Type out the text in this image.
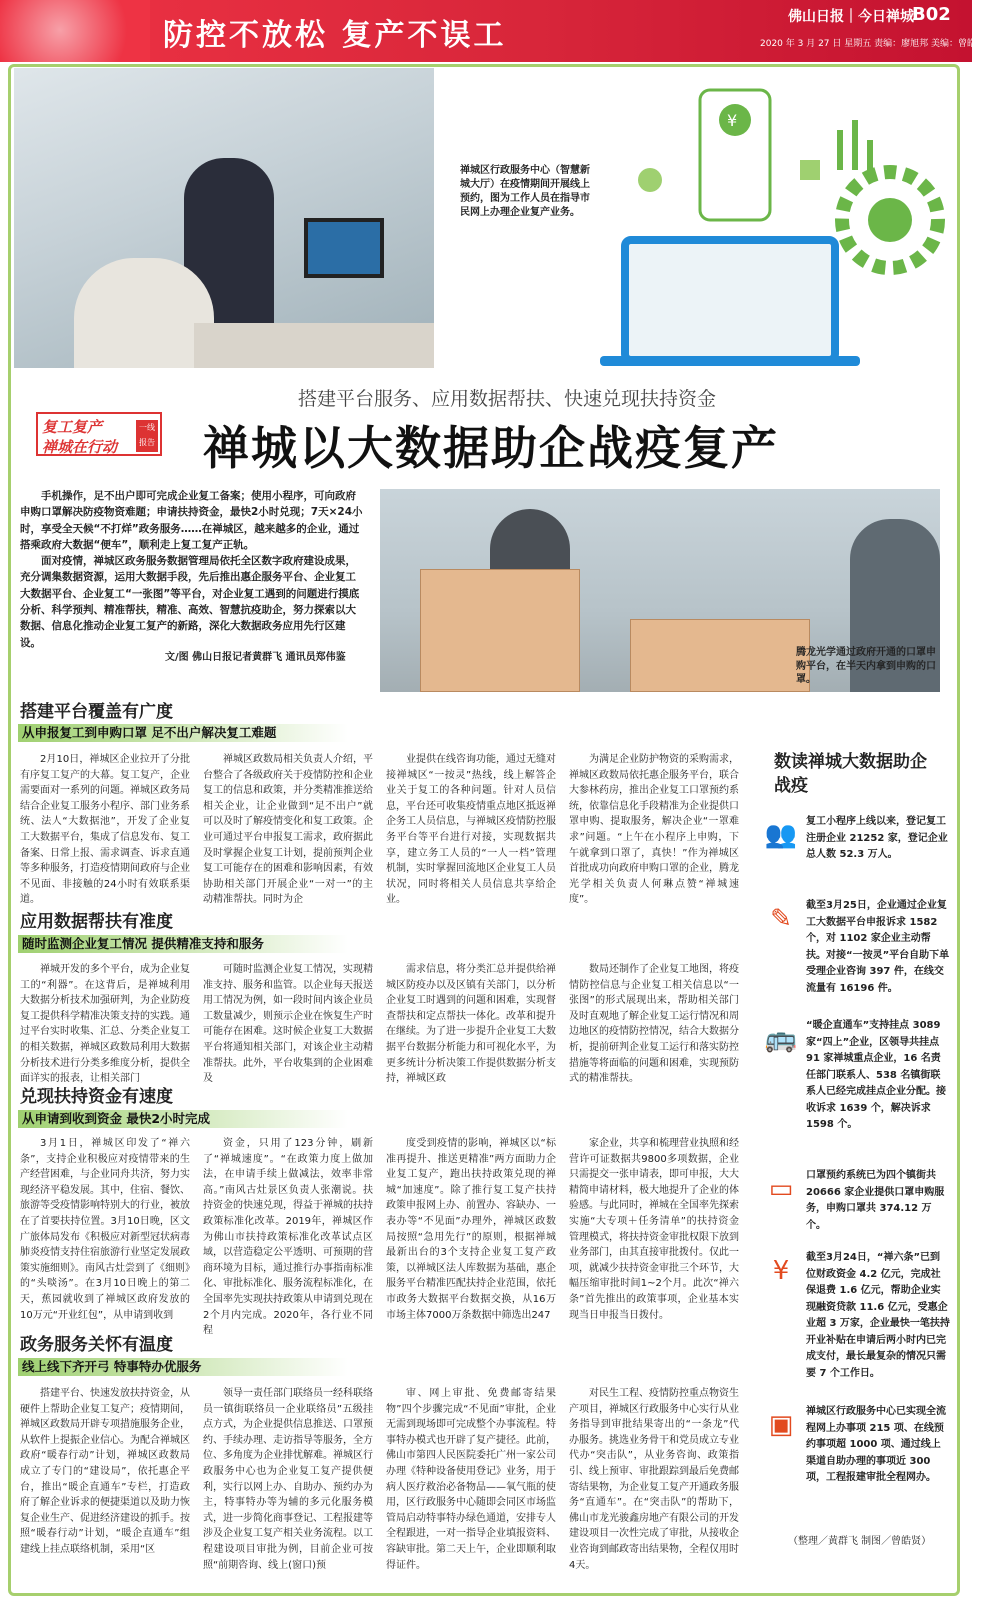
防控不放松 复产不误工
佛山日报｜今日禅城
B02
2020 年 3 月 27 日 星期五 责编：廖旭邦 美编：曾皓贤
禅城区行政服务中心（智慧新城大厅）在疫情期间开展线上预约，图为工作人员在指导市民网上办理企业复产业务。
¥
搭建平台服务、应用数据帮扶、快速兑现扶持资金
复工复产
禅城在行动
一线报告 禅城以大数据助企战疫复产

手机操作，足不出户即可完成企业复工备案；使用小程序，可向政府申购口罩解决防疫物资难题；申请扶持资金，最快2小时兑现；7天×24小时，享受全天候“不打烊”政务服务……在禅城区，越来越多的企业，通过搭乘政府大数据“便车”，顺利走上复工复产正轨。

面对疫情，禅城区政务服务数据管理局依托全区数字政府建设成果，充分调集数据资源，运用大数据手段，先后推出惠企服务平台、企业复工大数据平台、企业复工“一张图”等平台，对企业复工遇到的问题进行摸底分析、科学预判、精准帮扶，精准、高效、智慧抗疫助企，努力探索以大数据、信息化推动企业复工复产的新路，深化大数据政务应用先行区建设。

文/图 佛山日报记者黄群飞 通讯员郑伟鉴	腾龙光学通过政府开通的口罩申购平台，在半天内拿到申购的口罩。
搭建平台覆盖有广度
从申报复工到申购口罩 足不出户解决复工难题

2月10日，禅城区企业拉开了分批有序复工复产的大幕。复工复产，企业需要面对一系列的问题。禅城区政务局结合企业复工服务小程序、部门业务系统、法人“大数据池”，开发了企业复工大数据平台，集成了信息发布、复工备案、日常上报、需求调查、诉求直通等多种服务，打造疫情期间政府与企业不见面、非接触的24小时有效联系渠道。

禅城区政数局相关负责人介绍，平台整合了各级政府关于疫情防控和企业复工的信息和政策，并分类精准推送给相关企业，让企业做到“足不出户”就可以及时了解疫情变化和复工政策。企业可通过平台申报复工需求，政府据此及时掌握企业复工计划，提前预判企业复工可能存在的困难和影响因素，有效协助相关部门开展企业“一对一”的主动精准帮扶。同时为企

业提供在线咨询功能，通过无缝对接禅城区“一按灵”热线，线上解答企业关于复工的各种问题。针对人员信息，平台还可收集疫情重点地区抵返禅企务工人员信息，与禅城区疫情防控服务平台等平台进行对接，实现数据共享，建立务工人员的“一人一档”管理机制，实时掌握回流地区企业复工人员状况，同时将相关人员信息共享给企业。

为满足企业防护物资的采购需求，禅城区政数局依托惠企服务平台，联合大参林药房，推出企业复工口罩预约系统，依靠信息化手段精准为企业提供口罩申购、提取服务，解决企业“一罩难求”问题。“上午在小程序上申购，下午就拿到口罩了，真快！”作为禅城区首批成功向政府申购口罩的企业，腾龙光学相关负责人何琳点赞“禅城速度”。

应用数据帮扶有准度
随时监测企业复工情况 提供精准支持和服务

禅城开发的多个平台，成为企业复工的“利器”。在这背后，是禅城利用大数据分析技术加强研判，为企业防疫复工提供科学精准决策支持的实践。通过平台实时收集、汇总、分类企业复工的相关数据，禅城区政数局利用大数据分析技术进行分类多维度分析，提供全面详实的报表，让相关部门

可随时监测企业复工情况，实现精准支持、服务和监管。以企业每天报送用工情况为例，如一段时间内该企业员工数量减少，则预示企业在恢复生产时可能存在困难。这时候企业复工大数据平台将通知相关部门，对该企业主动精准帮扶。此外，平台收集到的企业困难及

需求信息，将分类汇总并提供给禅城区防疫办以及区镇有关部门，以分析企业复工时遇到的问题和困难，实现督查帮扶和定点帮扶一体化。改革和提升在继续。为了进一步提升企业复工大数据平台数据分析能力和可视化水平，为更多统计分析决策工作提供数据分析支持，禅城区政

数局还制作了企业复工地图，将疫情防控信息与企业复工相关信息以“一张图”的形式展现出来，帮助相关部门及时直观地了解企业复工运行情况和周边地区的疫情防控情况，结合大数据分析，提前研判企业复工运行和落实防控措施等将面临的问题和困难，实现预防式的精准帮扶。

兑现扶持资金有速度
从申请到收到资金 最快2小时完成

3月1日，禅城区印发了“禅六条”，支持企业积极应对疫情带来的生产经营困难，与企业同舟共济，努力实现经济平稳发展。其中，住宿、餐饮、旅游等受疫情影响特别大的行业，被放在了首要扶持位置。3月10日晚，区文广旅体局发布《积极应对新型冠状病毒肺炎疫情支持住宿旅游行业坚定发展政策实施细则》。南风古灶尝到了《细则》的“头啖汤”。在3月10日晚上的第二天，蕉园就收到了禅城区政府发放的10万元“开业红包”，从申请到收到

资金，只用了123分钟，刷新了“禅城速度”。“在政策力度上做加法，在申请手续上做减法，效率非常高。”南风古灶景区负责人张潮说。扶持资金的快速兑现，得益于禅城的扶持政策标准化改革。2019年，禅城区作为佛山市扶持政策标准化改革试点区域，以营造稳定公平透明、可预期的营商环境为目标，通过推行办事指南标准化、审批标准化、服务流程标准化，在全国率先实现扶持政策从申请到兑现在2个月内完成。2020年，各行业不同程

度受到疫情的影响，禅城区以“标准再提升、推送更精准”两方面助力企业复工复产，跑出扶持政策兑现的禅城“加速度”。除了推行复工复产扶持政策申报网上办、前置办、容缺办、一表办等“不见面”办理外，禅城区政数局按照“急用先行”的原则，根据禅城最新出台的3个支持企业复工复产政策，以禅城区法人库数据为基础，惠企服务平台精准匹配扶持企业范围，依托市政务大数据平台数据交换，从16万市场主体7000万条数据中筛选出247

家企业，共享和梳理营业执照和经营许可证数据共9800多项数据，企业只需提交一张申请表，即可申报，大大精简申请材料，极大地提升了企业的体验感。与此同时，禅城在全国率先探索实施“大专项＋任务清单”的扶持资金管理模式，将扶持资金审批权限下放到业务部门，由其直接审批拨付。仅此一项，就减少扶持资金审批三个环节，大幅压缩审批时间1~2个月。此次“禅六条”首先推出的政策事项，企业基本实现当日申报当日拨付。

政务服务关怀有温度
线上线下齐开弓 特事特办优服务

搭建平台、快速发放扶持资金，从硬件上帮助企业复工复产；疫情期间，禅城区政数局开辟专项措施服务企业，从软件上提振企业信心。为配合禅城区政府“暖春行动”计划，禅城区政数局成立了专门的“建设局”，依托惠企平台，推出“暖企直通车”专栏，打造政府了解企业诉求的便捷渠道以及助力恢复企业生产、促进经济建设的抓手。按照“暖春行动”计划，“暖企直通车”组建线上挂点联络机制，采用“区

领导一责任部门联络员一经科联络员一镇街联络员一企业联络员”五级挂点方式，为企业提供信息推送、口罩预约、手续办理、走访指导等服务，全方位、多角度为企业排忧解难。禅城区行政服务中心也为企业复工复产提供便利，实行以网上办、自助办、预约办为主，特事特办等为辅的多元化服务模式，进一步简化商事登记、工程报建等涉及企业复工复产相关业务流程。以工程建设项目审批为例，目前企业可按照“前期咨询、线上(窗口)预

审、网上审批、免费邮寄结果物”四个步骤完成“不见面”审批，企业无需到现场即可完成整个办事流程。特事特办模式也开辟了复产捷径。此前，佛山市第四人民医院委托广州一家公司办理《特种设备使用登记》业务，用于病人医疗救治必备物品——氧气瓶的使用，区行政服务中心随即会同区市场监管局启动特事特办绿色通道，安排专人全程跟进，一对一指导企业填报资料、容缺审批。第二天上午，企业即顺利取得证件。

对民生工程、疫情防控重点物资生产项目，禅城区行政服务中心实行从业务指导到审批结果寄出的“一条龙”代办服务。挑选业务骨干和党员成立专业代办“突击队”，从业务咨询、政策指引、线上预审、审批跟踪到最后免费邮寄结果物，为企业复工复产开通政务服务“直通车”。在“突击队”的帮助下，佛山市龙光骏鑫房地产有限公司的开发建设项目一次性完成了审批，从接收企业咨询到邮政寄出结果物，全程仅用时4天。

数读禅城大数据助企战疫
👥 复工小程序上线以来，登记复工注册企业 21252 家，登记企业总人数 52.3 万人。
✎	截至3月25日，企业通过企业复工大数据平台申报诉求 1582 个，对 1102 家企业主动帮扶。对接“一按灵”平台自助下单受理企业咨询 397 件，在线交流量有 16196 件。
🚌 “暖企直通车”支持挂点 3089 家“四上”企业，区领导共挂点 91 家禅城重点企业，16 名责任部门联系人、538 名镇街联系人已经完成挂点企业分配。接收诉求 1639 个，解决诉求 1598 个。
▭	口罩预约系统已为四个镇街共 20666 家企业提供口罩申购服务，申购口罩共 374.12 万个。
¥	截至3月24日，“禅六条”已到位财政资金 4.2 亿元，完成社保退费 1.6 亿元，帮助企业实现融资贷款 11.6 亿元，受惠企业超 3 万家，企业最快一笔扶持开业补贴在申请后两小时内已完成支付，最长最复杂的情况只需要 7 个工作日。
▣	禅城区行政服务中心已实现全流程网上办事项 215 项、在线预约事项超 1000 项、通过线上渠道自助办理的事项近 300 项，工程报建审批全程网办。
（整理／黄群飞 制图／曾皓贤）
